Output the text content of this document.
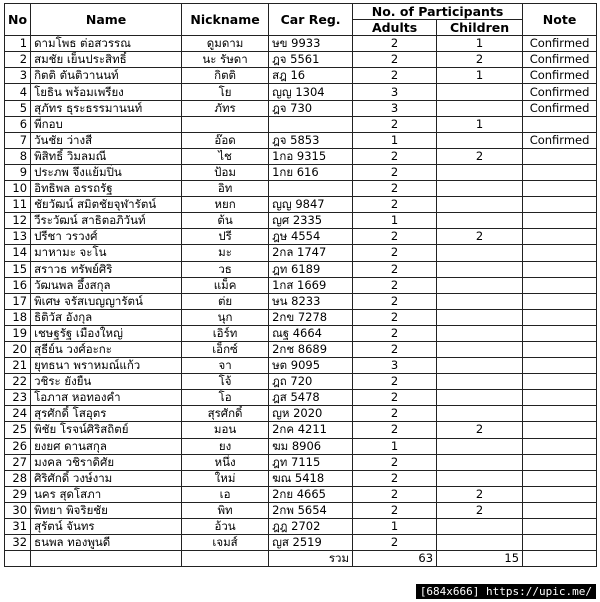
No	Name	Nickname	Car Reg.	No. of Participants		Note
				Adults	Children	
1	ดามโพธ ต่อสวรรณ	ดูมดาม	ษข 9933	2	1	Confirmed
2	สมชัย เย็นประสิทธิ์	นะ รัษดา	ฎจ 5561	2	2	Confirmed
3	กิตติ ตันติวานนท์	กิตติ	สฎ 16	2	1	Confirmed
4	โยธิน พร้อมเพรียง	โย	ญญ 1304	3		Confirmed
5	สุภัทร ธุระธรรมานนท์	ภัทร	ฎจ 730	3		Confirmed
6	พี่กอบ			2	1	
7	วันชัย ว่างสี	อ๊อด	ฎจ 5853	1		Confirmed
8	พิสิทธิ์ วิมลมณี	ไช	1กอ 9315	2	2	
9	ประภพ จึงแย้มปิ่น	ป้อม	1กย 616	2		
10	อิทธิพล อรรถรัฐ	อิท		2		
11	ชัยวัฒน์ สมิตชัยจุฬารัตน์	หยก	ญญ 9847	2		
12	วีระวัฒน์ สาธิตอภิวันท์	ต้น	ญศ 2335	1		
13	ปรีชา วรวงศ์	ปรี	ฎษ 4554	2	2	
14	มาหามะ จะโน	มะ	2กล 1747	2		
15	สราวธ ทรัพย์ศิริ	วธ	ฎท 6189	2		
16	วัฒนพล อึ้งสกุล	แม็ค	1กส 1669	2		
17	พิเศษ จรัสเบญญารัตน์	ต่ย	ษน 8233	2		
18	ธิติวัส อังกุล	นุก	2กข 7278	2		
19	เชษฐรัฐ เมืองใหญ่	เอิร์ท	ณฐ 4664	2		
20	สุธีย์น วงศ์อะกะ	เอ็กซ์	2กช 8689	2		
21	ยุทธนา พราหมณ์แก้ว	จา	ษต 9095	3		
22	วชิระ ยังยืน	โจ้	ฎถ 720	2		
23	โอภาส หอทองคำ	โอ	ฎส 5478	2		
24	สุรศักดิ์ โสอุตร	สุรศักดิ์	ญห 2020	2		
25	พิชัย โรจน์ศิริสถิตย์	มอน	2กค 4211	2	2	
26	ยงยศ ดานสกุล	ยง	ฆม 8906	1		
27	มงคล วชิราดิศัย	หนึ่ง	ฎท 7115	2		
28	ศิริศักดิ์ วงษ์งาม	ใหม่	ฆณ 5418	2		
29	นคร สุดโสภา	เอ	2กย 4665	2	2	
30	พิทยา พิจริยชัย	พิท	2กพ 5654	2	2	
31	สุรัตน์ จันทร	อ้วน	ฎฎ 2702	1		
32	ธนพล ทองพูนดี	เจมส์	ญส 2519	2		
			รวม	63	15	
[684x666] https://upic.me/
